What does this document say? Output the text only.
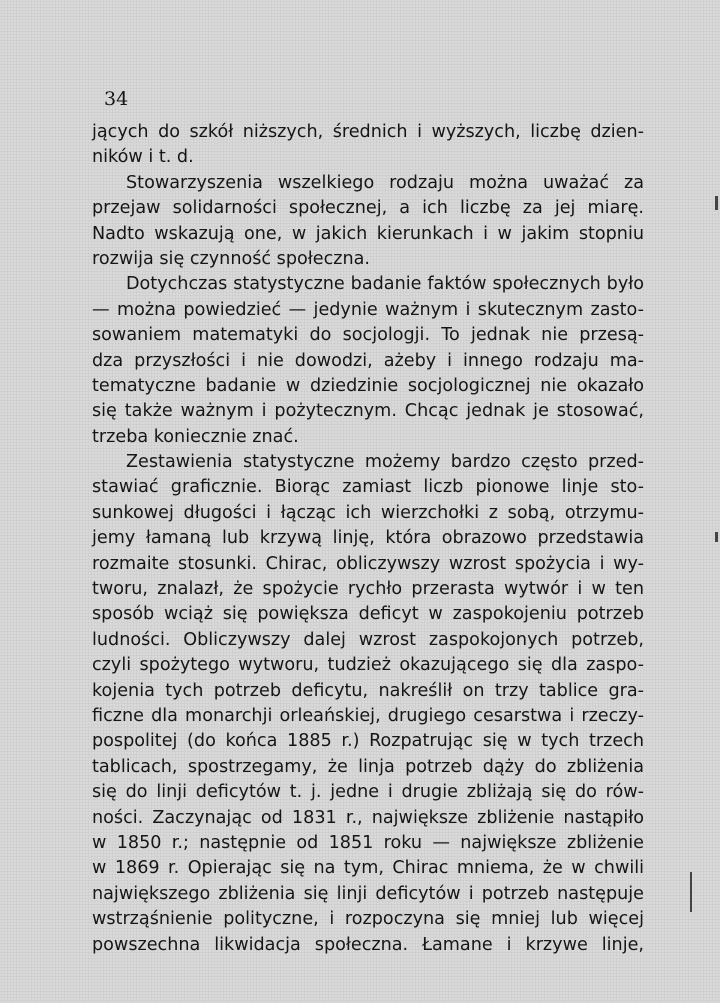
34
jących do szkół niższych, średnich i wyższych, liczbę dzien-
ników i t. d.
Stowarzyszenia wszelkiego rodzaju można uważać za
przejaw solidarności społecznej, a ich liczbę za jej miarę.
Nadto wskazują one, w jakich kierunkach i w jakim stopniu
rozwija się czynność społeczna.
Dotychczas statystyczne badanie faktów społecznych było
— można powiedzieć — jedynie ważnym i skutecznym zasto-
sowaniem matematyki do socjologji. To jednak nie przesą-
dza przyszłości i nie dowodzi, ażeby i innego rodzaju ma-
tematyczne badanie w dziedzinie socjologicznej nie okazało
się także ważnym i pożytecznym. Chcąc jednak je stosować,
trzeba koniecznie znać.
Zestawienia statystyczne możemy bardzo często przed-
stawiać graficznie. Biorąc zamiast liczb pionowe linje sto-
sunkowej długości i łącząc ich wierzchołki z sobą, otrzymu-
jemy łamaną lub krzywą linję, która obrazowo przedstawia
rozmaite stosunki. Chirac, obliczywszy wzrost spożycia i wy-
tworu, znalazł, że spożycie rychło przerasta wytwór i w ten
sposób wciąż się powiększa deficyt w zaspokojeniu potrzeb
ludności. Obliczywszy dalej wzrost zaspokojonych potrzeb,
czyli spożytego wytworu, tudzież okazującego się dla zaspo-
kojenia tych potrzeb deficytu, nakreślił on trzy tablice gra-
ficzne dla monarchji orleańskiej, drugiego cesarstwa i rzeczy-
pospolitej (do końca 1885 r.) Rozpatrując się w tych trzech
tablicach, spostrzegamy, że linja potrzeb dąży do zbliżenia
się do linji deficytów t. j. jedne i drugie zbliżają się do rów-
ności. Zaczynając od 1831 r., największe zbliżenie nastąpiło
w 1850 r.; następnie od 1851 roku — największe zbliżenie
w 1869 r. Opierając się na tym, Chirac mniema, że w chwili
największego zbliżenia się linji deficytów i potrzeb następuje
wstrząśnienie polityczne, i rozpoczyna się mniej lub więcej
powszechna likwidacja społeczna. Łamane i krzywe linje,
